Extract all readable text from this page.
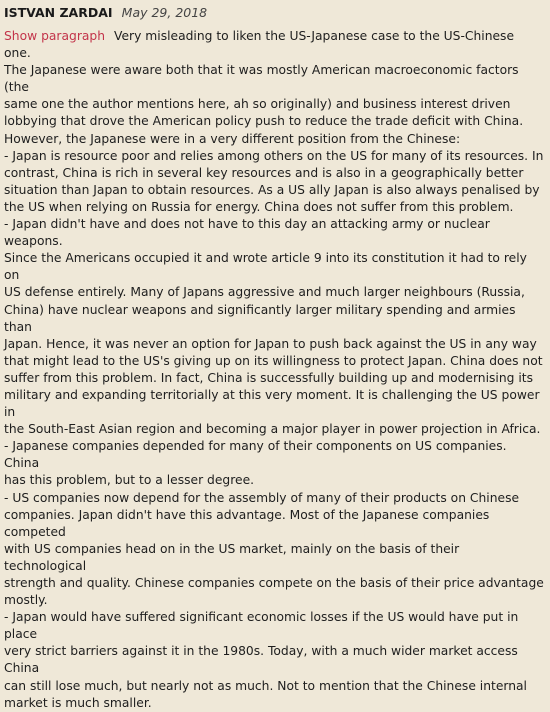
ISTVAN ZARDAI May 29, 2018
Show paragraph Very misleading to liken the US-Japanese case to the US-Chinese one.
The Japanese were aware both that it was mostly American macroeconomic factors (the
same one the author mentions here, ah so originally) and business interest driven
lobbying that drove the American policy push to reduce the trade deficit with China.
However, the Japanese were in a very different position from the Chinese:
- Japan is resource poor and relies among others on the US for many of its resources. In
contrast, China is rich in several key resources and is also in a geographically better
situation than Japan to obtain resources. As a US ally Japan is also always penalised by
the US when relying on Russia for energy. China does not suffer from this problem.
- Japan didn't have and does not have to this day an attacking army or nuclear weapons.
Since the Americans occupied it and wrote article 9 into its constitution it had to rely on
US defense entirely. Many of Japans aggressive and much larger neighbours (Russia,
China) have nuclear weapons and significantly larger military spending and armies than
Japan. Hence, it was never an option for Japan to push back against the US in any way
that might lead to the US's giving up on its willingness to protect Japan. China does not
suffer from this problem. In fact, China is successfully building up and modernising its
military and expanding territorially at this very moment. It is challenging the US power in
the South-East Asian region and becoming a major player in power projection in Africa.
- Japanese companies depended for many of their components on US companies. China
has this problem, but to a lesser degree.
- US companies now depend for the assembly of many of their products on Chinese
companies. Japan didn't have this advantage. Most of the Japanese companies competed
with US companies head on in the US market, mainly on the basis of their technological
strength and quality. Chinese companies compete on the basis of their price advantage
mostly.
- Japan would have suffered significant economic losses if the US would have put in place
very strict barriers against it in the 1980s. Today, with a much wider market access China
can still lose much, but nearly not as much. Not to mention that the Chinese internal
market is much smaller.
